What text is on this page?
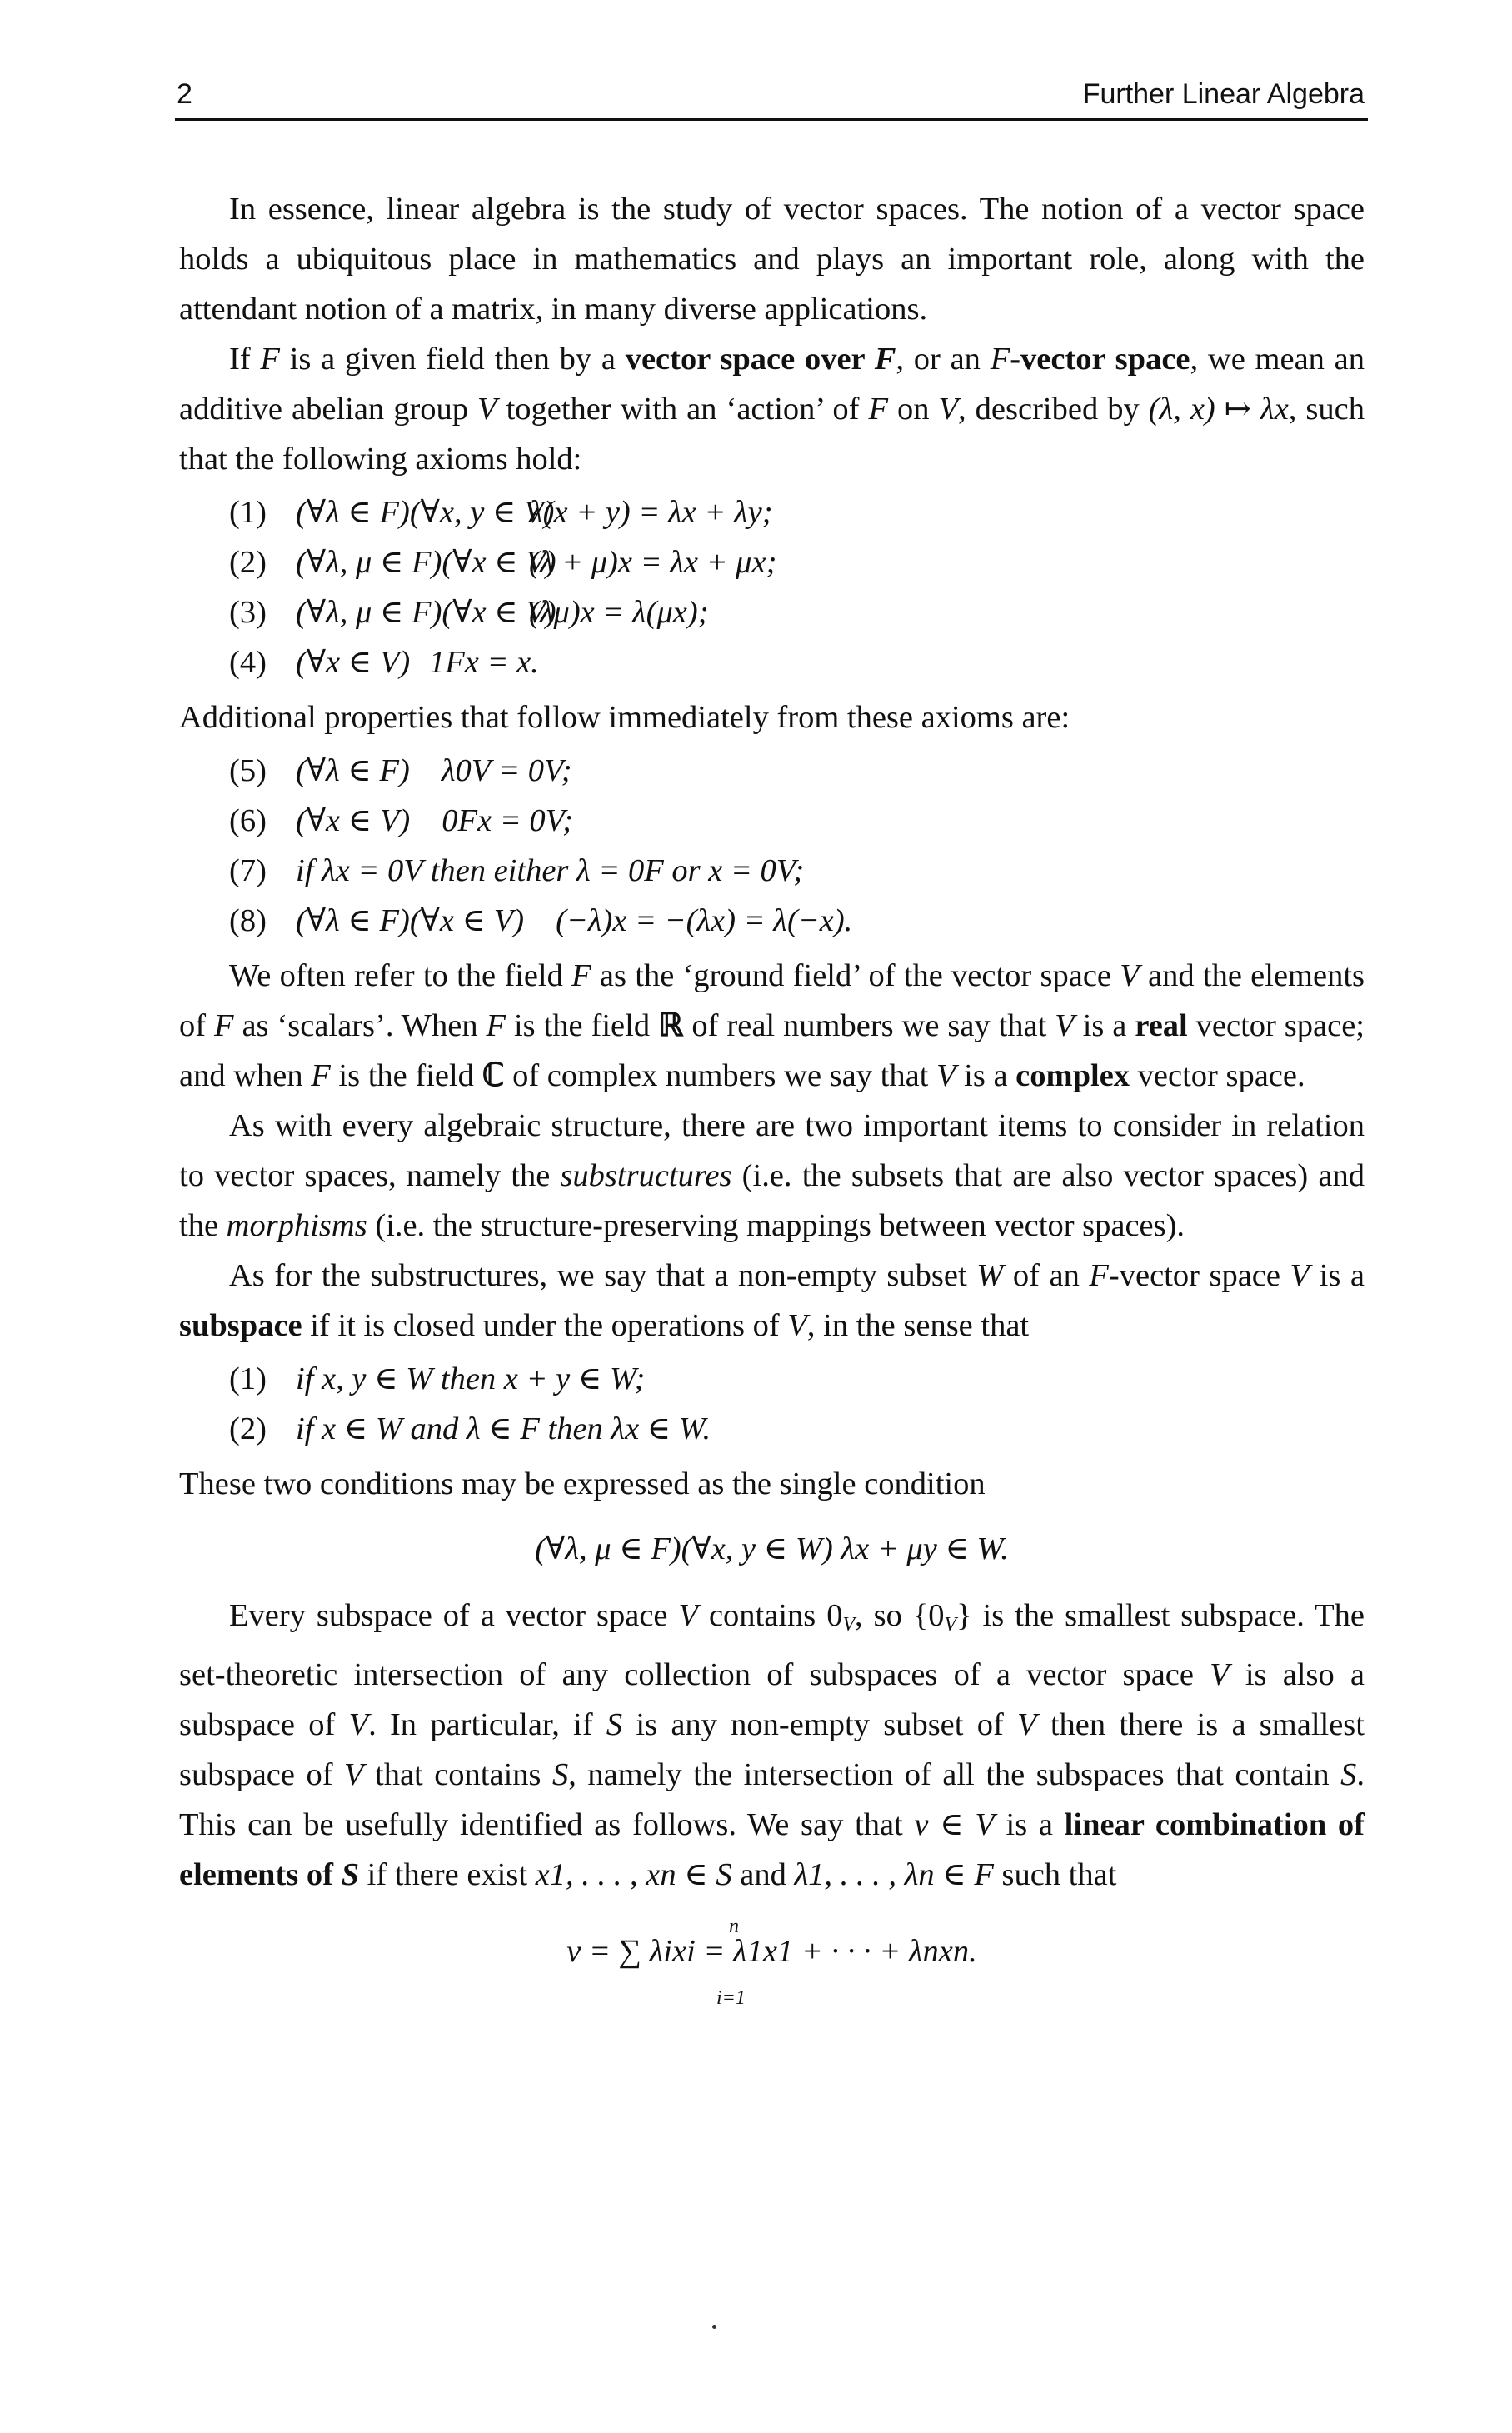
2	Further Linear Algebra

In essence, linear algebra is the study of vector spaces. The notion of a vector space holds a ubiquitous place in mathematics and plays an important role, along with the attendant notion of a matrix, in many diverse applications.

If F is a given field then by a vector space over F, or an F-vector space, we mean an additive abelian group V together with an ‘action’ of F on V, described by (λ, x) ↦ λx, such that the following axioms hold:

(1) (∀λ ∈ F)(∀x, y ∈ V)
λ(x + y) = λx + λy;
(2) (∀λ, μ ∈ F)(∀x ∈ V)
(λ + μ)x = λx + μx;
(3) (∀λ, μ ∈ F)(∀x ∈ V)
(λμ)x = λ(μx);
(4) (∀x ∈ V) 1Fx = x.

Additional properties that follow immediately from these axioms are:

(5) (∀λ ∈ F) λ0V = 0V;
(6) (∀x ∈ V) 0Fx = 0V;
(7) if λx = 0V then either λ = 0F or x = 0V;
(8) (∀λ ∈ F)(∀x ∈ V) (−λ)x = −(λx) = λ(−x).

We often refer to the field F as the ‘ground field’ of the vector space V and the elements of F as ‘scalars’. When F is the field ℝ of real numbers we say that V is a real vector space; and when F is the field ℂ of complex numbers we say that V is a complex vector space.

As with every algebraic structure, there are two important items to consider in relation to vector spaces, namely the substructures (i.e. the subsets that are also vector spaces) and the morphisms (i.e. the structure-preserving mappings between vector spaces).

As for the substructures, we say that a non-empty subset W of an F-vector space V is a subspace if it is closed under the operations of V, in the sense that

(1) if x, y ∈ W then x + y ∈ W;
(2) if x ∈ W and λ ∈ F then λx ∈ W.

These two conditions may be expressed as the single condition

(∀λ, μ ∈ F)(∀x, y ∈ W) λx + μy ∈ W.

Every subspace of a vector space V contains $0_V$, so $\{0_V\}$ is the smallest subspace. The set-theoretic intersection of any collection of subspaces of a vector space V is also a subspace of V. In particular, if S is any non-empty subset of V then there is a smallest subspace of V that contains S, namely the intersection of all the subspaces that contain S. This can be usefully identified as follows. We say that v ∈ V is a linear combination of elements of S if there exist x1, . . . , xn ∈ S and λ1, . . . , λn ∈ F such that

n
v = ∑ λixi = λ1x1 + · · · + λnxn.
i=1
